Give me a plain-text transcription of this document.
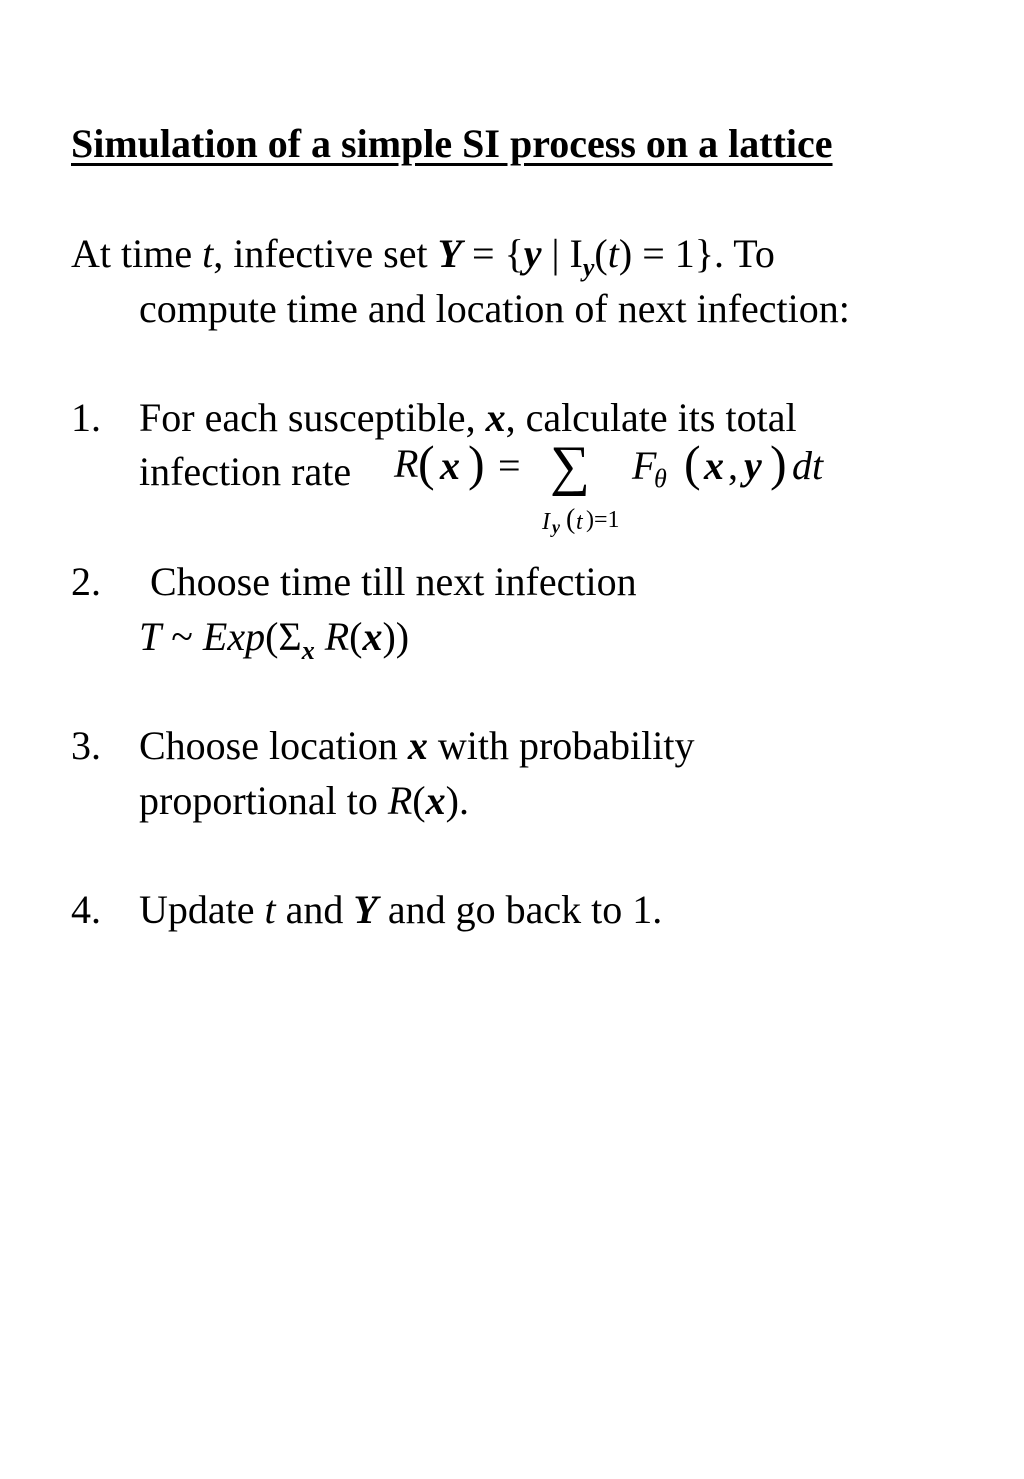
Simulation of a simple SI process on a lattice
At time t, infective set Y = {y | $I_y(t) = 1$}. To
compute time and location of next infection:
1. For each susceptible, x, calculate its total
infection rate R ( x ) = ∑ F
θ ( x , y ) dt
I y ( t )=1
2. Choose time till next infection
T ~ $Exp(\Sigma_x$ R(x))
3. Choose location x with probability
proportional to R(x).
4. Update t and Y and go back to 1.
